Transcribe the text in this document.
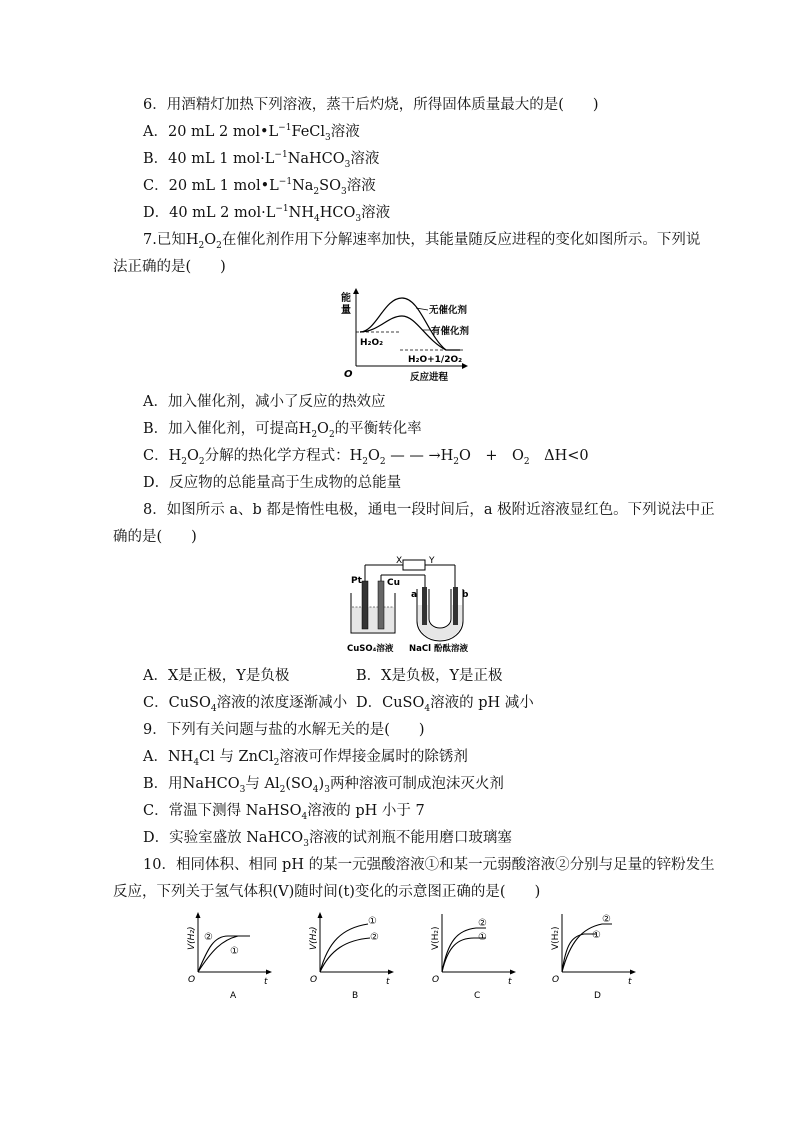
6．用酒精灯加热下列溶液，蒸干后灼烧，所得固体质量最大的是(　　)
A．20 mL 2 $mol•L^{-1}FeCl_3$溶液
B．40 mL 1 $mol\cdot L^{-1}NaHCO_3$溶液
C．20 mL 1 $mol•L^{-1}Na_2SO_3$溶液
D．40 mL 2 $mol\cdot L^{-1}NH_4HCO_3$溶液
7.已知$H_2O_2$在催化剂作用下分解速率加快，其能量随反应进程的变化如图所示。下列说
法正确的是(　　)
能
量
O
无催化剂
有催化剂
H₂O₂
H₂O+1/2O₂
反应进程
A．加入催化剂，减小了反应的热效应
B．加入催化剂，可提高$H_2O_2$的平衡转化率
C．$H_2O_2$分解的热化学方程式：$H_2O_2$ — — $\to H_2O$　+　$O_2$　ΔH<0
D．反应物的总能量高于生成物的总能量
8．如图所示 a、b 都是惰性电极，通电一段时间后，a 极附近溶液显红色。下列说法中正
确的是(　　)
X	Y
Pt	Cu
a	b
CuSO₄溶液 NaCl 酚酞溶液
A．X是正极，Y是负极	B．X是负极，Y是正极
C．CuSO$_4$溶液的浓度逐渐减小 D．CuSO$_4$溶液的 pH 减小
9．下列有关问题与盐的水解无关的是(　　)
A．$NH_4Cl$ 与 ZnCl$_2$溶液可作焊接金属时的除锈剂
B．用NaHCO$_3$与 $Al_2(SO_4)_3$两种溶液可制成泡沫灭火剂
C．常温下测得 NaHSO$_4$溶液的 pH 小于 7
D．实验室盛放 NaHCO$_3$溶液的试剂瓶不能用磨口玻璃塞
10．相同体积、相同 pH 的某一元强酸溶液①和某一元弱酸溶液②分别与足量的锌粉发生
反应，下列关于氢气体积(V)随时间(t)变化的示意图正确的是(　　)
V(H₂) ②
①
O	t
A
V(H₂)
①
②
O	t
B
V(H₂)
②
①
O	t
C
V(H₂)
②
①
O	t
D
